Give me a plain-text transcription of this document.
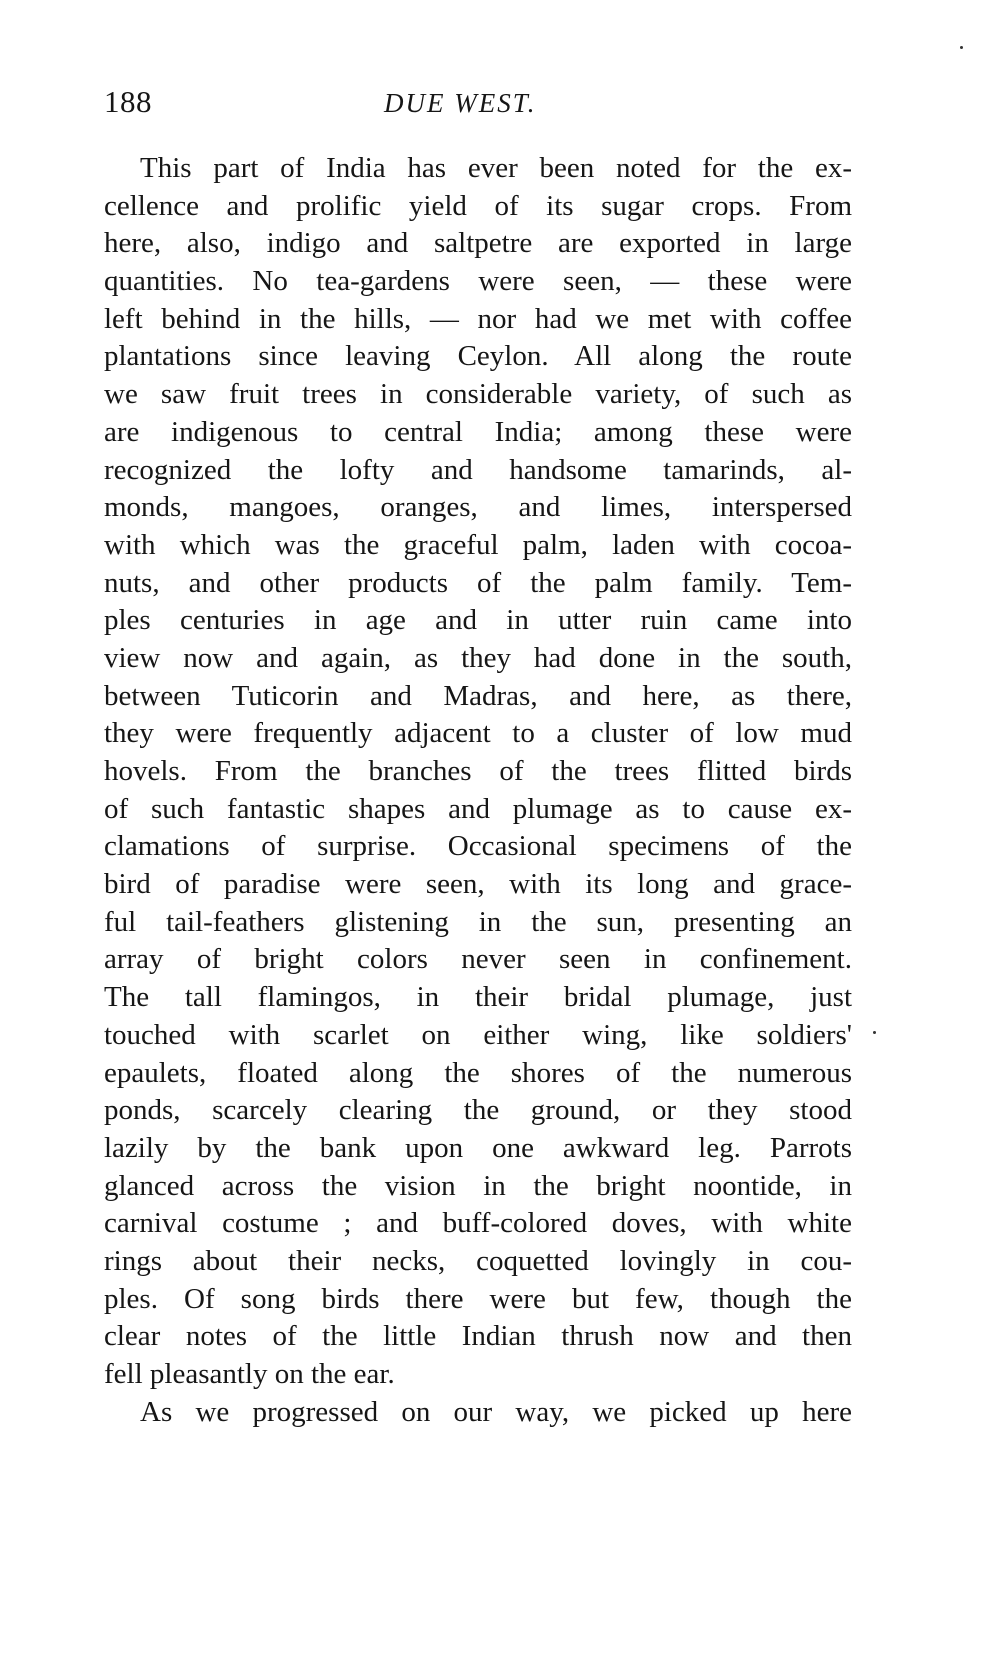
188	DUE WEST.
This part of India has ever been noted for the ex-
cellence and prolific yield of its sugar crops. From
here, also, indigo and saltpetre are exported in large
quantities. No tea-gardens were seen, — these were
left behind in the hills, — nor had we met with coffee
plantations since leaving Ceylon. All along the route
we saw fruit trees in considerable variety, of such as
are indigenous to central India; among these were
recognized the lofty and handsome tamarinds, al-
monds, mangoes, oranges, and limes, interspersed
with which was the graceful palm, laden with cocoa-
nuts, and other products of the palm family. Tem-
ples centuries in age and in utter ruin came into
view now and again, as they had done in the south,
between Tuticorin and Madras, and here, as there,
they were frequently adjacent to a cluster of low mud
hovels. From the branches of the trees flitted birds
of such fantastic shapes and plumage as to cause ex-
clamations of surprise. Occasional specimens of the
bird of paradise were seen, with its long and grace-
ful tail-feathers glistening in the sun, presenting an
array of bright colors never seen in confinement.
The tall flamingos, in their bridal plumage, just
touched with scarlet on either wing, like soldiers'
epaulets, floated along the shores of the numerous
ponds, scarcely clearing the ground, or they stood
lazily by the bank upon one awkward leg. Parrots
glanced across the vision in the bright noontide, in
carnival costume ; and buff-colored doves, with white
rings about their necks, coquetted lovingly in cou-
ples. Of song birds there were but few, though the
clear notes of the little Indian thrush now and then
fell pleasantly on the ear.
As we progressed on our way, we picked up here
